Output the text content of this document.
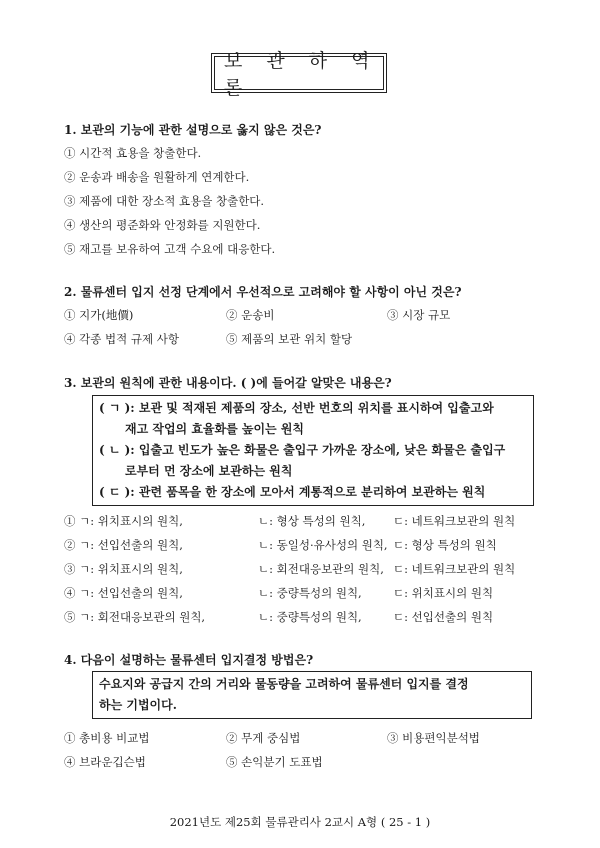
보 관 하 역 론
1. 보관의 기능에 관한 설명으로 옳지 않은 것은?
① 시간적 효용을 창출한다.
② 운송과 배송을 원활하게 연계한다.
③ 제품에 대한 장소적 효용을 창출한다.
④ 생산의 평준화와 안정화를 지원한다.
⑤ 재고를 보유하여 고객 수요에 대응한다.
2. 물류센터 입지 선정 단계에서 우선적으로 고려해야 할 사항이 아닌 것은?
① 지가(地價)	② 운송비	③ 시장 규모
④ 각종 법적 규제 사항	⑤ 제품의 보관 위치 할당
3. 보관의 원칙에 관한 내용이다. ( )에 들어갈 알맞은 내용은?
( ㄱ ): 보관 및 적재된 제품의 장소, 선반 번호의 위치를 표시하여 입출고와
재고 작업의 효율화를 높이는 원칙
( ㄴ ): 입출고 빈도가 높은 화물은 출입구 가까운 장소에, 낮은 화물은 출입구
로부터 먼 장소에 보관하는 원칙
( ㄷ ): 관련 품목을 한 장소에 모아서 계통적으로 분리하여 보관하는 원칙
① ㄱ: 위치표시의 원칙,	ㄴ: 형상 특성의 원칙, ㄷ: 네트워크보관의 원칙
② ㄱ: 선입선출의 원칙,	ㄴ: 동일성·유사성의 원칙, ㄷ: 형상 특성의 원칙
③ ㄱ: 위치표시의 원칙,	ㄴ: 회전대응보관의 원칙, ㄷ: 네트워크보관의 원칙
④ ㄱ: 선입선출의 원칙,	ㄴ: 중량특성의 원칙,	ㄷ: 위치표시의 원칙
⑤ ㄱ: 회전대응보관의 원칙,	ㄴ: 중량특성의 원칙,	ㄷ: 선입선출의 원칙
4. 다음이 설명하는 물류센터 입지결정 방법은?
수요지와 공급지 간의 거리와 물동량을 고려하여 물류센터 입지를 결정
하는 기법이다.
① 총비용 비교법	② 무게 중심법	③ 비용편익분석법
④ 브라운깁슨법	⑤ 손익분기 도표법
2021년도 제25회 물류관리사 2교시 A형 ( 25 - 1 )
